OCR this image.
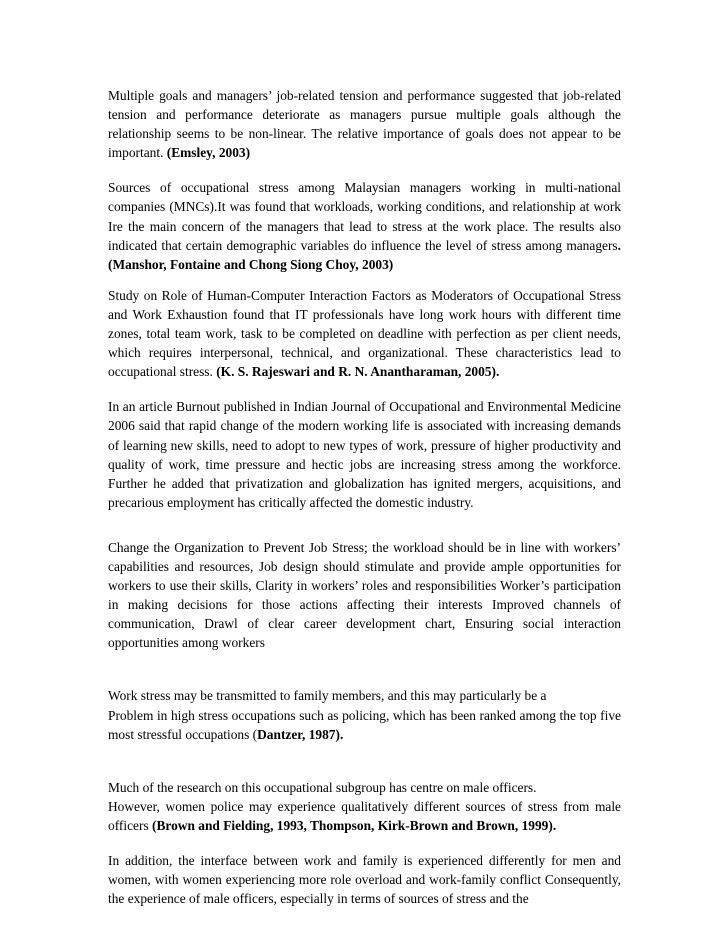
Multiple goals and managers’ job-related tension and performance suggested that job-related tension and performance deteriorate as managers pursue multiple goals although the relationship seems to be non-linear. The relative importance of goals does not appear to be important. (Emsley, 2003)

Sources of occupational stress among Malaysian managers working in multi-national companies (MNCs).It was found that workloads, working conditions, and relationship at work Ire the main concern of the managers that lead to stress at the work place. The results also indicated that certain demographic variables do influence the level of stress among managers. (Manshor, Fontaine and Chong Siong Choy, 2003)

Study on Role of Human-Computer Interaction Factors as Moderators of Occupational Stress and Work Exhaustion found that IT professionals have long work hours with different time zones, total team work, task to be completed on deadline with perfection as per client needs, which requires interpersonal, technical, and organizational. These characteristics lead to occupational stress. (K. S. Rajeswari and R. N. Anantharaman, 2005).

In an article Burnout published in Indian Journal of Occupational and Environmental Medicine 2006 said that rapid change of the modern working life is associated with increasing demands of learning new skills, need to adopt to new types of work, pressure of higher productivity and quality of work, time pressure and hectic jobs are increasing stress among the workforce. Further he added that privatization and globalization has ignited mergers, acquisitions, and precarious employment has critically affected the domestic industry.

Change the Organization to Prevent Job Stress; the workload should be in line with workers’ capabilities and resources, Job design should stimulate and provide ample opportunities for workers to use their skills, Clarity in workers’ roles and responsibilities Worker’s participation in making decisions for those actions affecting their interests Improved channels of communication, Drawl of clear career development chart, Ensuring social interaction opportunities among workers

Work stress may be transmitted to family members, and this may particularly be a
Problem in high stress occupations such as policing, which has been ranked among the top five most stressful occupations (Dantzer, 1987).

Much of the research on this occupational subgroup has centre on male officers.
However, women police may experience qualitatively different sources of stress from male officers (Brown and Fielding, 1993, Thompson, Kirk-Brown and Brown, 1999).

In addition, the interface between work and family is experienced differently for men and women, with women experiencing more role overload and work-family conflict Consequently, the experience of male officers, especially in terms of sources of stress and the
